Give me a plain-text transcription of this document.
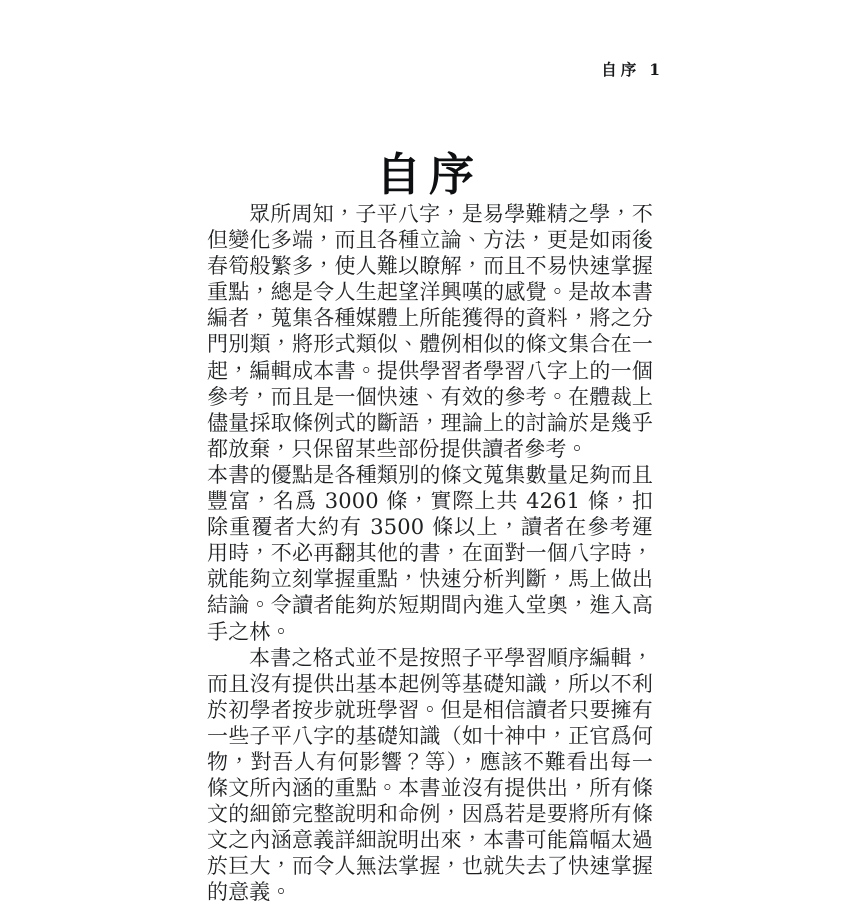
自序 1
自序

眾所周知，子平八字，是易學難精之學，不但變化多端，而且各種立論、方法，更是如雨後春筍般繁多，使人難以瞭解，而且不易快速掌握重點，總是令人生起望洋興嘆的感覺。是故本書編者，蒐集各種媒體上所能獲得的資料，將之分門別類，將形式類似、體例相似的條文集合在一起，編輯成本書。提供學習者學習八字上的一個參考，而且是一個快速、有效的參考。在體裁上儘量採取條例式的斷語，理論上的討論於是幾乎都放棄，只保留某些部份提供讀者參考。

本書的優點是各種類別的條文蒐集數量足夠而且豐富，名爲 3000 條，實際上共 4261 條，扣除重覆者大約有 3500 條以上，讀者在參考運用時，不必再翻其他的書，在面對一個八字時，就能夠立刻掌握重點，快速分析判斷，馬上做出結論。令讀者能夠於短期間內進入堂奧，進入高手之林。

本書之格式並不是按照子平學習順序編輯，而且沒有提供出基本起例等基礎知識，所以不利於初學者按步就班學習。但是相信讀者只要擁有一些子平八字的基礎知識（如十神中，正官爲何物，對吾人有何影響？等），應該不難看出每一條文所內涵的重點。本書並沒有提供出，所有條文的細節完整說明和命例，因爲若是要將所有條文之內涵意義詳細說明出來，本書可能篇幅太過於巨大，而令人無法掌握，也就失去了快速掌握的意義。
